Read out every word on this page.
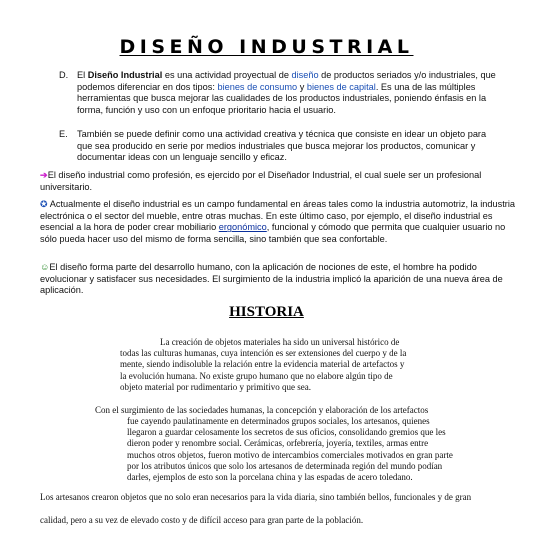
DISEÑO INDUSTRIAL
D. El Diseño Industrial es una actividad proyectual de diseño de productos seriados y/o industriales, que podemos diferenciar en dos tipos: bienes de consumo y bienes de capital. Es una de las múltiples herramientas que busca mejorar las cualidades de los productos industriales, poniendo énfasis en la forma, función y uso con un enfoque prioritario hacia el usuario.

E.	También se puede definir como una actividad creativa y técnica que consiste en idear un objeto para que sea producido en serie por medios industriales que busca mejorar los productos, comunicar y documentar ideas con un lenguaje sencillo y eficaz.

➔El diseño industrial como profesión, es ejercido por el Diseñador Industrial, el cual suele ser un profesional universitario.

✪ Actualmente el diseño industrial es un campo fundamental en áreas tales como la industria automotriz, la industria electrónica o el sector del mueble, entre otras muchas. En este último caso, por ejemplo, el diseño industrial es esencial a la hora de poder crear mobiliario ergonómico, funcional y cómodo que permita que cualquier usuario no sólo pueda hacer uso del mismo de forma sencilla, sino también que sea confortable.

☺El diseño forma parte del desarrollo humano, con la aplicación de nociones de este, el hombre ha podido evolucionar y satisfacer sus necesidades. El surgimiento de la industria implicó la aparición de una nueva área de aplicación.

HISTORIA

La creación de objetos materiales ha sido un universal histórico de todas las culturas humanas, cuya intención es ser extensiones del cuerpo y de la mente, siendo indisoluble la relación entre la evidencia material de artefactos y la evolución humana. No existe grupo humano que no elabore algún tipo de objeto material por rudimentario y primitivo que sea.

Con el surgimiento de las sociedades humanas, la concepción y elaboración de los artefactos

fue cayendo paulatinamente en determinados grupos sociales, los artesanos, quienes llegaron a guardar celosamente los secretos de sus oficios, consolidando gremios que les dieron poder y renombre social. Cerámicas, orfebrería, joyería, textiles, armas entre muchos otros objetos, fueron motivo de intercambios comerciales motivados en gran parte por los atributos únicos que solo los artesanos de determinada región del mundo podían darles, ejemplos de esto son la porcelana china y las espadas de acero toledano.

Los artesanos crearon objetos que no solo eran necesarios para la vida diaria, sino también bellos, funcionales y de gran

calidad, pero a su vez de elevado costo y de difícil acceso para gran parte de la población.
